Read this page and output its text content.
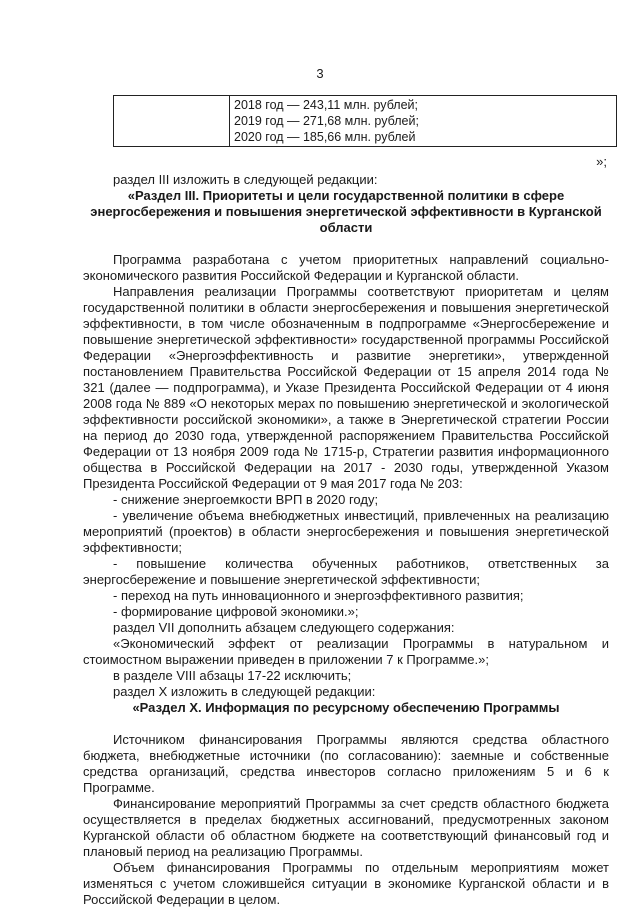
3

2018 год — 243,11 млн. рублей;
2019 год — 271,68 млн. рублей;
2020 год — 185,66 млн. рублей
»;

раздел III изложить в следующей редакции:

«Раздел III. Приоритеты и цели государственной политики в сфере энергосбережения и повышения энергетической эффективности в Курганской области

Программа разработана с учетом приоритетных направлений социально-экономического развития Российской Федерации и Курганской области.

Направления реализации Программы соответствуют приоритетам и целям государственной политики в области энергосбережения и повышения энергетической эффективности, в том числе обозначенным в подпрограмме «Энергосбережение и повышение энергетической эффективности» государственной программы Российской Федерации «Энергоэффективность и развитие энергетики», утвержденной постановлением Правительства Российской Федерации от 15 апреля 2014 года № 321 (далее — подпрограмма), и Указе Президента Российской Федерации от 4 июня 2008 года № 889 «О некоторых мерах по повышению энергетической и экологической эффективности российской экономики», а также в Энергетической стратегии России на период до 2030 года, утвержденной распоряжением Правительства Российской Федерации от 13 ноября 2009 года № 1715-р, Стратегии развития информационного общества в Российской Федерации на 2017 - 2030 годы, утвержденной Указом Президента Российской Федерации от 9 мая 2017 года № 203:

- снижение энергоемкости ВРП в 2020 году;

- увеличение объема внебюджетных инвестиций, привлеченных на реализацию мероприятий (проектов) в области энергосбережения и повышения энергетической эффективности;

- повышение количества обученных работников, ответственных за энергосбережение и повышение энергетической эффективности;

- переход на путь инновационного и энергоэффективного развития;

- формирование цифровой экономики.»;

раздел VII дополнить абзацем следующего содержания:

«Экономический эффект от реализации Программы в натуральном и стоимостном выражении приведен в приложении 7 к Программе.»;

в разделе VIII абзацы 17-22 исключить;

раздел X изложить в следующей редакции:

«Раздел X. Информация по ресурсному обеспечению Программы

Источником финансирования Программы являются средства областного бюджета, внебюджетные источники (по согласованию): заемные и собственные средства организаций, средства инвесторов согласно приложениям 5 и 6 к Программе.

Финансирование мероприятий Программы за счет средств областного бюджета осуществляется в пределах бюджетных ассигнований, предусмотренных законом Курганской области об областном бюджете на соответствующий финансовый год и плановый период на реализацию Программы.

Объем финансирования Программы по отдельным мероприятиям может изменяться с учетом сложившейся ситуации в экономике Курганской области и в Российской Федерации в целом.
